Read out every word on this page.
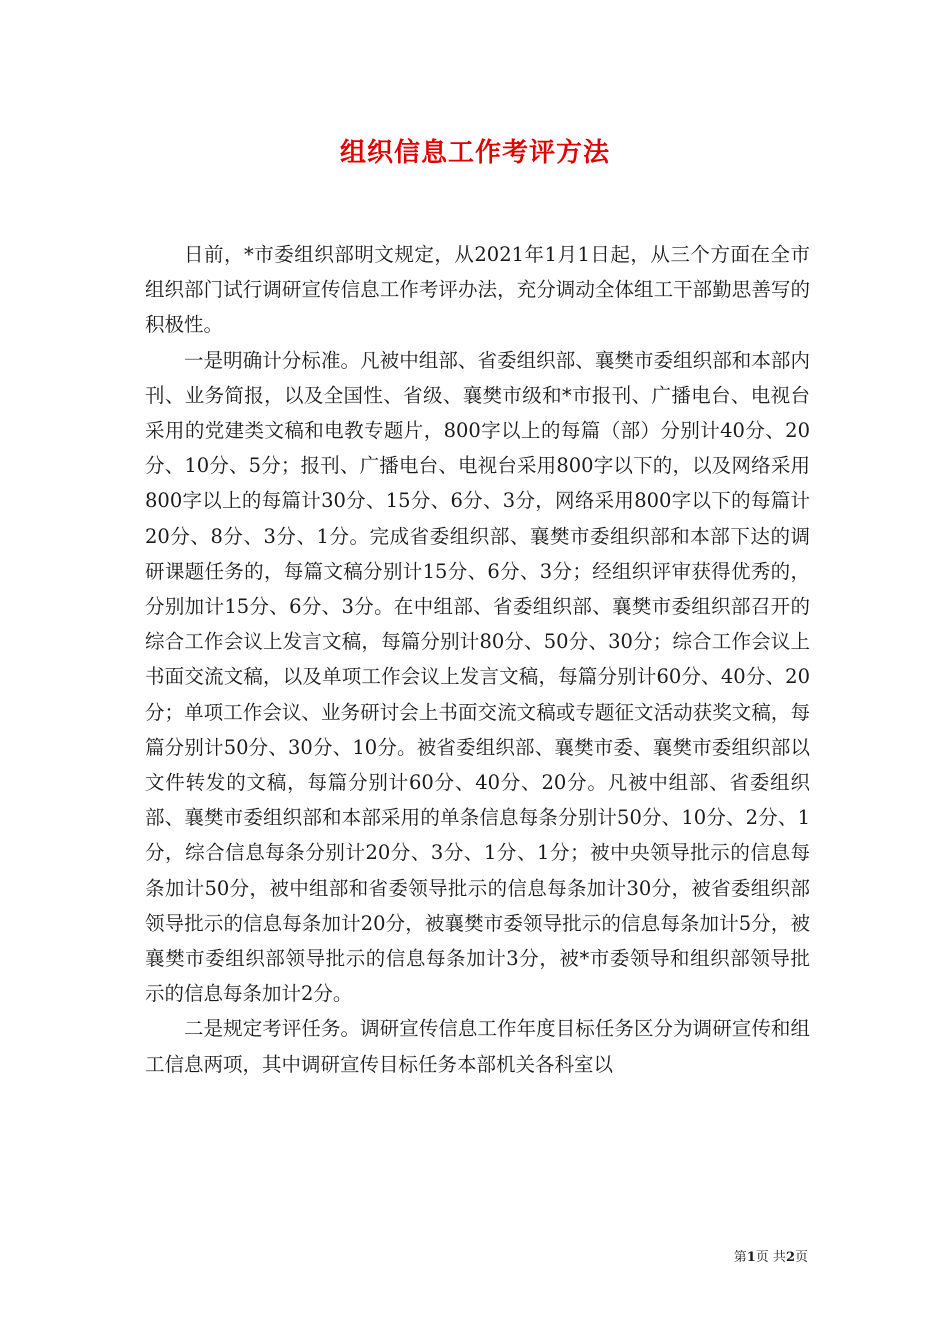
组织信息工作考评方法

日前，*市委组织部明文规定，从2021年1月1日起，从三个方面在全市组织部门试行调研宣传信息工作考评办法，充分调动全体组工干部勤思善写的积极性。

一是明确计分标准。凡被中组部、省委组织部、襄樊市委组织部和本部内刊、业务简报，以及全国性、省级、襄樊市级和*市报刊、广播电台、电视台采用的党建类文稿和电教专题片，800字以上的每篇（部）分别计40分、20分、10分、5分；报刊、广播电台、电视台采用800字以下的，以及网络采用800字以上的每篇计30分、15分、6分、3分，网络采用800字以下的每篇计20分、8分、3分、1分。完成省委组织部、襄樊市委组织部和本部下达的调研课题任务的，每篇文稿分别计15分、6分、3分；经组织评审获得优秀的，分别加计15分、6分、3分。在中组部、省委组织部、襄樊市委组织部召开的综合工作会议上发言文稿，每篇分别计80分、50分、30分；综合工作会议上书面交流文稿，以及单项工作会议上发言文稿，每篇分别计60分、40分、20分；单项工作会议、业务研讨会上书面交流文稿或专题征文活动获奖文稿，每篇分别计50分、30分、10分。被省委组织部、襄樊市委、襄樊市委组织部以文件转发的文稿，每篇分别计60分、40分、20分。凡被中组部、省委组织部、襄樊市委组织部和本部采用的单条信息每条分别计50分、10分、2分、1分，综合信息每条分别计20分、3分、1分、1分；被中央领导批示的信息每条加计50分，被中组部和省委领导批示的信息每条加计30分，被省委组织部领导批示的信息每条加计20分，被襄樊市委领导批示的信息每条加计5分，被襄樊市委组织部领导批示的信息每条加计3分，被*市委领导和组织部领导批示的信息每条加计2分。

二是规定考评任务。调研宣传信息工作年度目标任务区分为调研宣传和组工信息两项，其中调研宣传目标任务本部机关各科室以

第1页 共2页
